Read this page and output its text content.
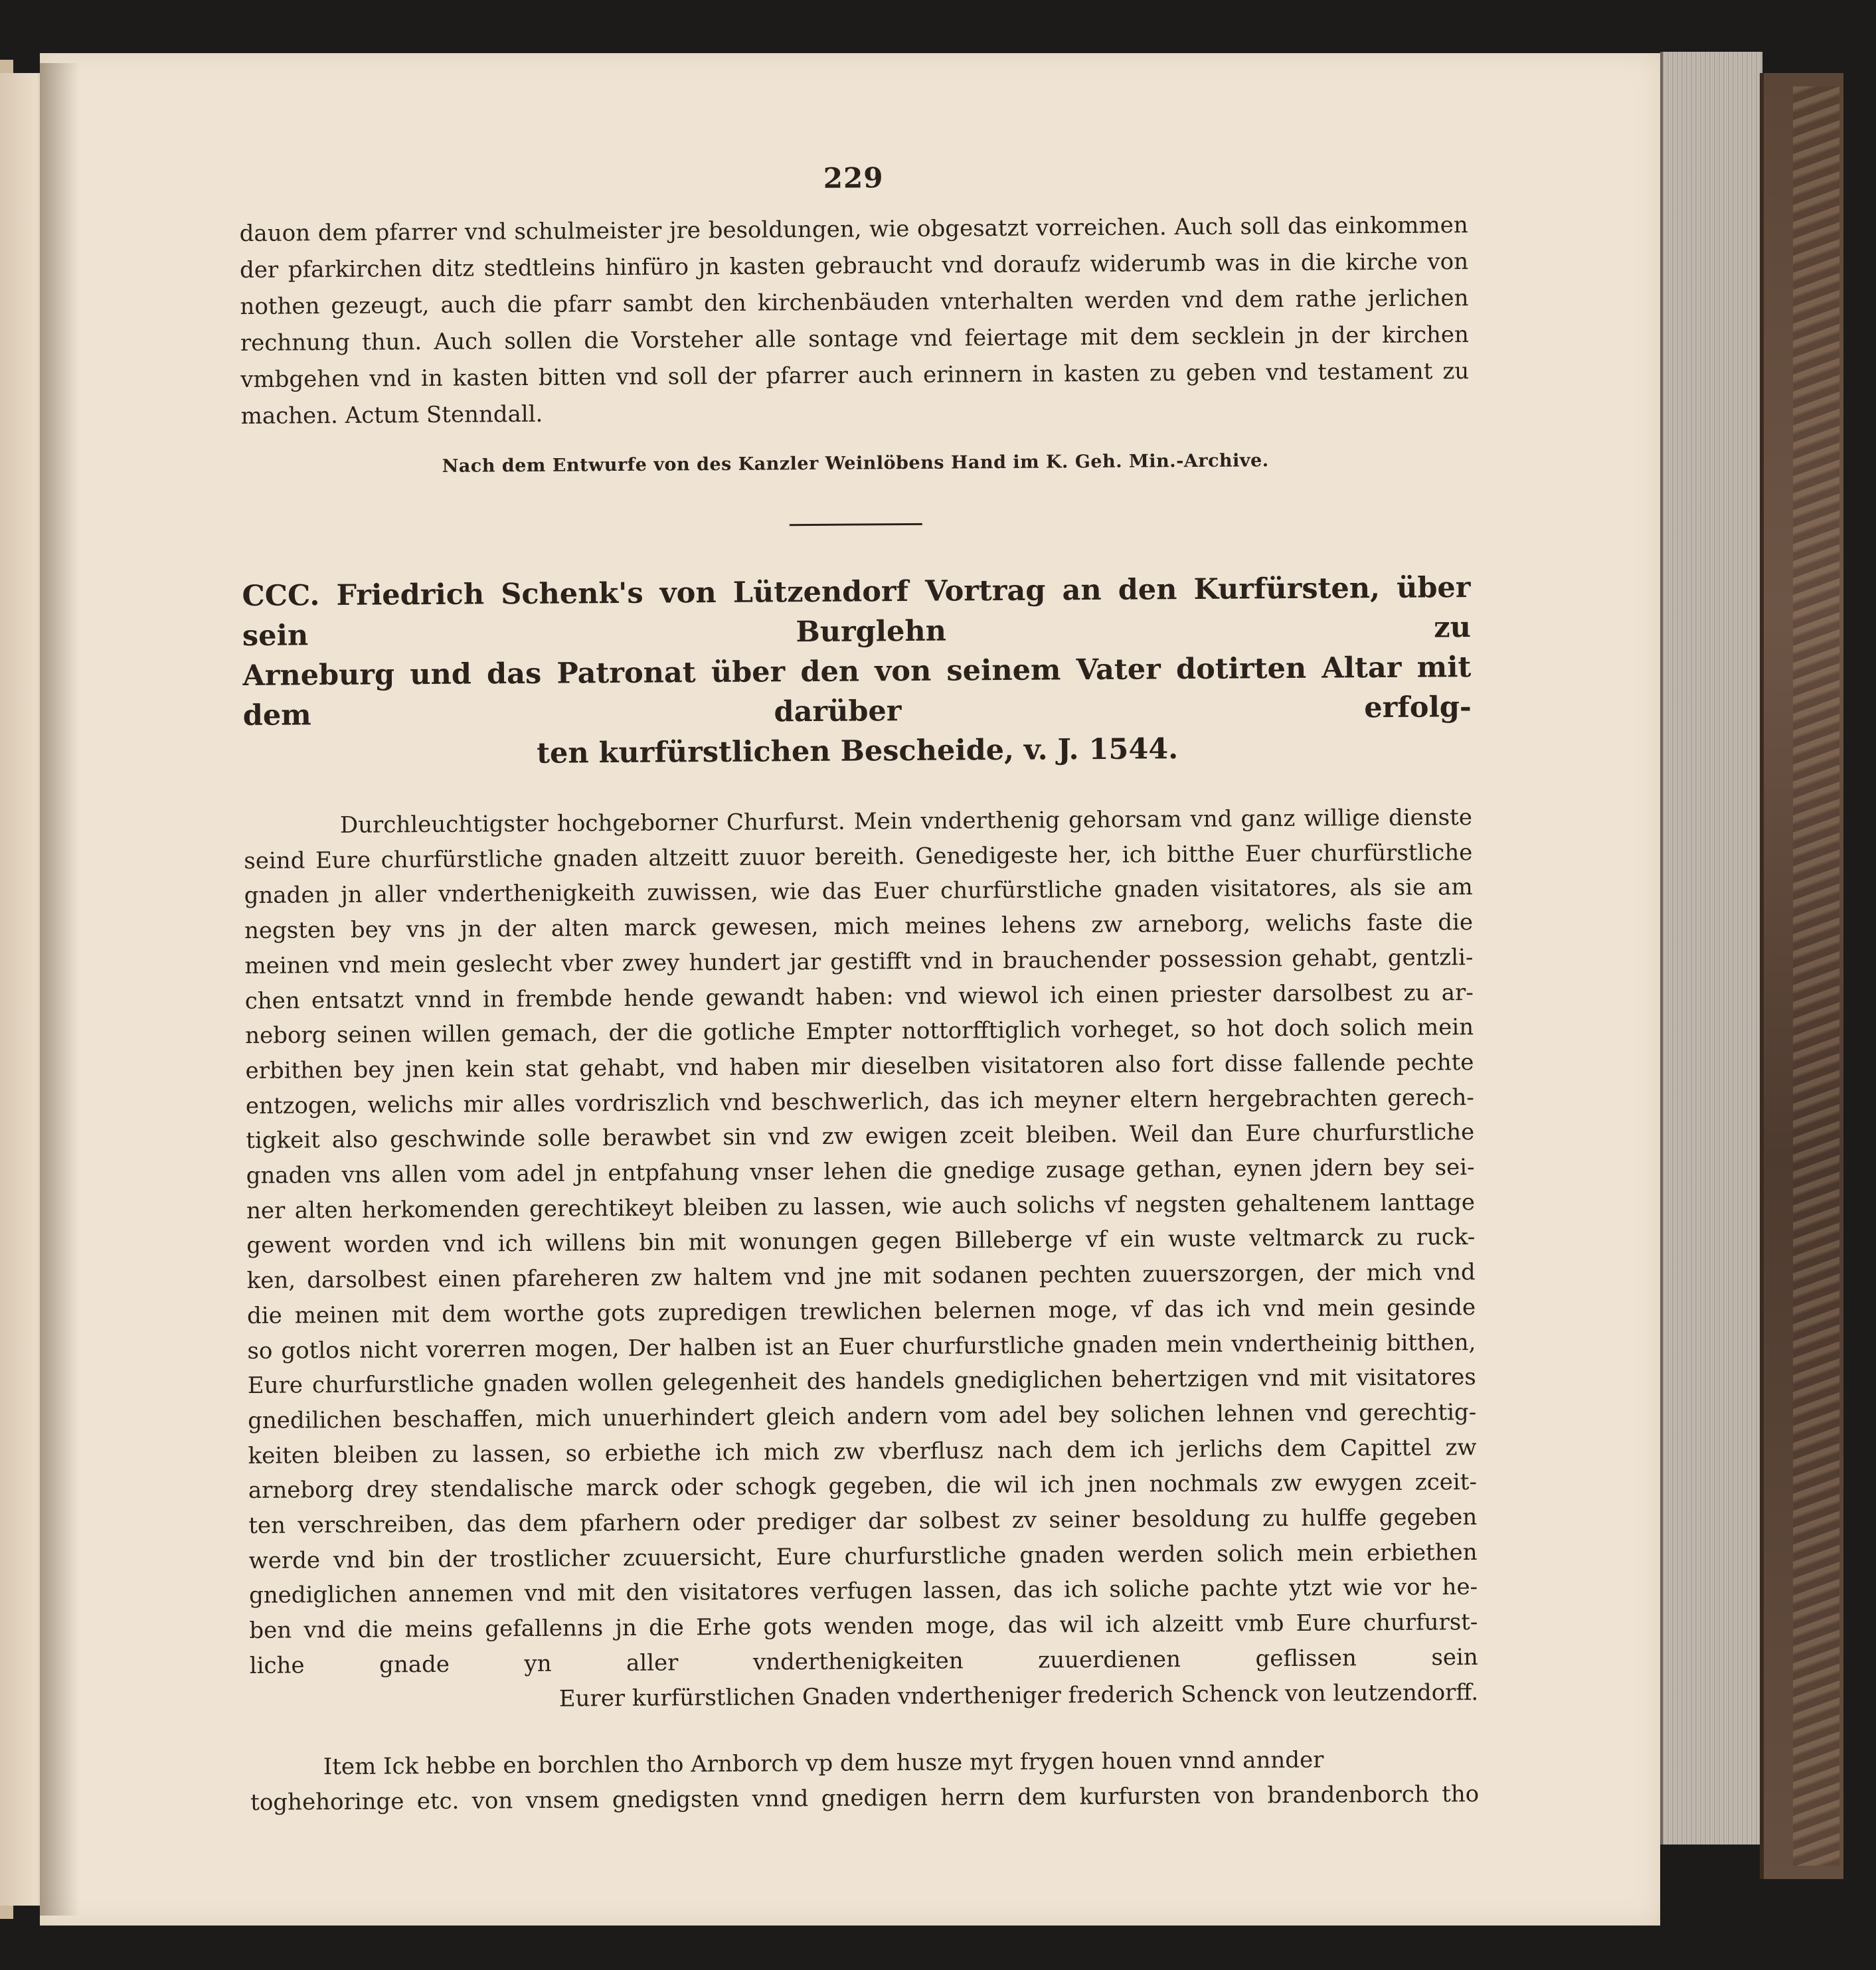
229

dauon dem pfarrer vnd schulmeister jre besoldungen, wie obgesatzt vorreichen. Auch soll das einkommen der pfarkirchen ditz stedtleins hinfüro jn kasten gebraucht vnd doraufz widerumb was in die kirche von nothen gezeugt, auch die pfarr sambt den kirchenbäuden vnterhalten werden vnd dem rathe jerlichen rechnung thun. Auch sollen die Vorsteher alle sontage vnd feiertage mit dem secklein jn der kirchen vmbgehen vnd in kasten bitten vnd soll der pfarrer auch erinnern in kasten zu geben vnd testament zu machen. Actum Stenndall.

Nach dem Entwurfe von des Kanzler Weinlöbens Hand im K. Geh. Min.-Archive.
CCC. Friedrich Schenk's von Lützendorf Vortrag an den Kurfürsten, über sein Burglehn zu
Arneburg und das Patronat über den von seinem Vater dotirten Altar mit dem darüber erfolg-
ten kurfürstlichen Bescheide, v. J. 1544.
Durchleuchtigster hochgeborner Churfurst. Mein vnderthenig gehorsam vnd ganz willige dienste
seind Eure churfürstliche gnaden altzeitt zuuor bereith. Genedigeste her, ich bitthe Euer churfürstliche
gnaden jn aller vnderthenigkeith zuwissen, wie das Euer churfürstliche gnaden visitatores, als sie am
negsten bey vns jn der alten marck gewesen, mich meines lehens zw arneborg, welichs faste die
meinen vnd mein geslecht vber zwey hundert jar gestifft vnd in brauchender possession gehabt, gentzli-
chen entsatzt vnnd in frembde hende gewandt haben: vnd wiewol ich einen priester darsolbest zu ar-
neborg seinen willen gemach, der die gotliche Empter nottorfftiglich vorheget, so hot doch solich mein
erbithen bey jnen kein stat gehabt, vnd haben mir dieselben visitatoren also fort disse fallende pechte
entzogen, welichs mir alles vordriszlich vnd beschwerlich, das ich meyner eltern hergebrachten gerech-
tigkeit also geschwinde solle berawbet sin vnd zw ewigen zceit bleiben. Weil dan Eure churfurstliche
gnaden vns allen vom adel jn entpfahung vnser lehen die gnedige zusage gethan, eynen jdern bey sei-
ner alten herkomenden gerechtikeyt bleiben zu lassen, wie auch solichs vf negsten gehaltenem lanttage
gewent worden vnd ich willens bin mit wonungen gegen Billeberge vf ein wuste veltmarck zu ruck-
ken, darsolbest einen pfareheren zw haltem vnd jne mit sodanen pechten zuuerszorgen, der mich vnd
die meinen mit dem worthe gots zupredigen trewlichen belernen moge, vf das ich vnd mein gesinde
so gotlos nicht vorerren mogen, Der halben ist an Euer churfurstliche gnaden mein vndertheinig bitthen,
Eure churfurstliche gnaden wollen gelegenheit des handels gnediglichen behertzigen vnd mit visitatores
gnedilichen beschaffen, mich unuerhindert gleich andern vom adel bey solichen lehnen vnd gerechtig-
keiten bleiben zu lassen, so erbiethe ich mich zw vberflusz nach dem ich jerlichs dem Capittel zw
arneborg drey stendalische marck oder schogk gegeben, die wil ich jnen nochmals zw ewygen zceit-
ten verschreiben, das dem pfarhern oder prediger dar solbest zv seiner besoldung zu hulffe gegeben
werde vnd bin der trostlicher zcuuersicht, Eure churfurstliche gnaden werden solich mein erbiethen
gnediglichen annemen vnd mit den visitatores verfugen lassen, das ich soliche pachte ytzt wie vor he-
ben vnd die meins gefallenns jn die Erhe gots wenden moge, das wil ich alzeitt vmb Eure churfurst-
liche gnade yn aller vnderthenigkeiten zuuerdienen geflissen sein
Eurer kurfürstlichen Gnaden vndertheniger frederich Schenck von leutzendorff.
Item Ick hebbe en borchlen tho Arnborch vp dem husze myt frygen houen vnnd annder
toghehoringe etc. von vnsem gnedigsten vnnd gnedigen herrn dem kurfursten von brandenborch tho
